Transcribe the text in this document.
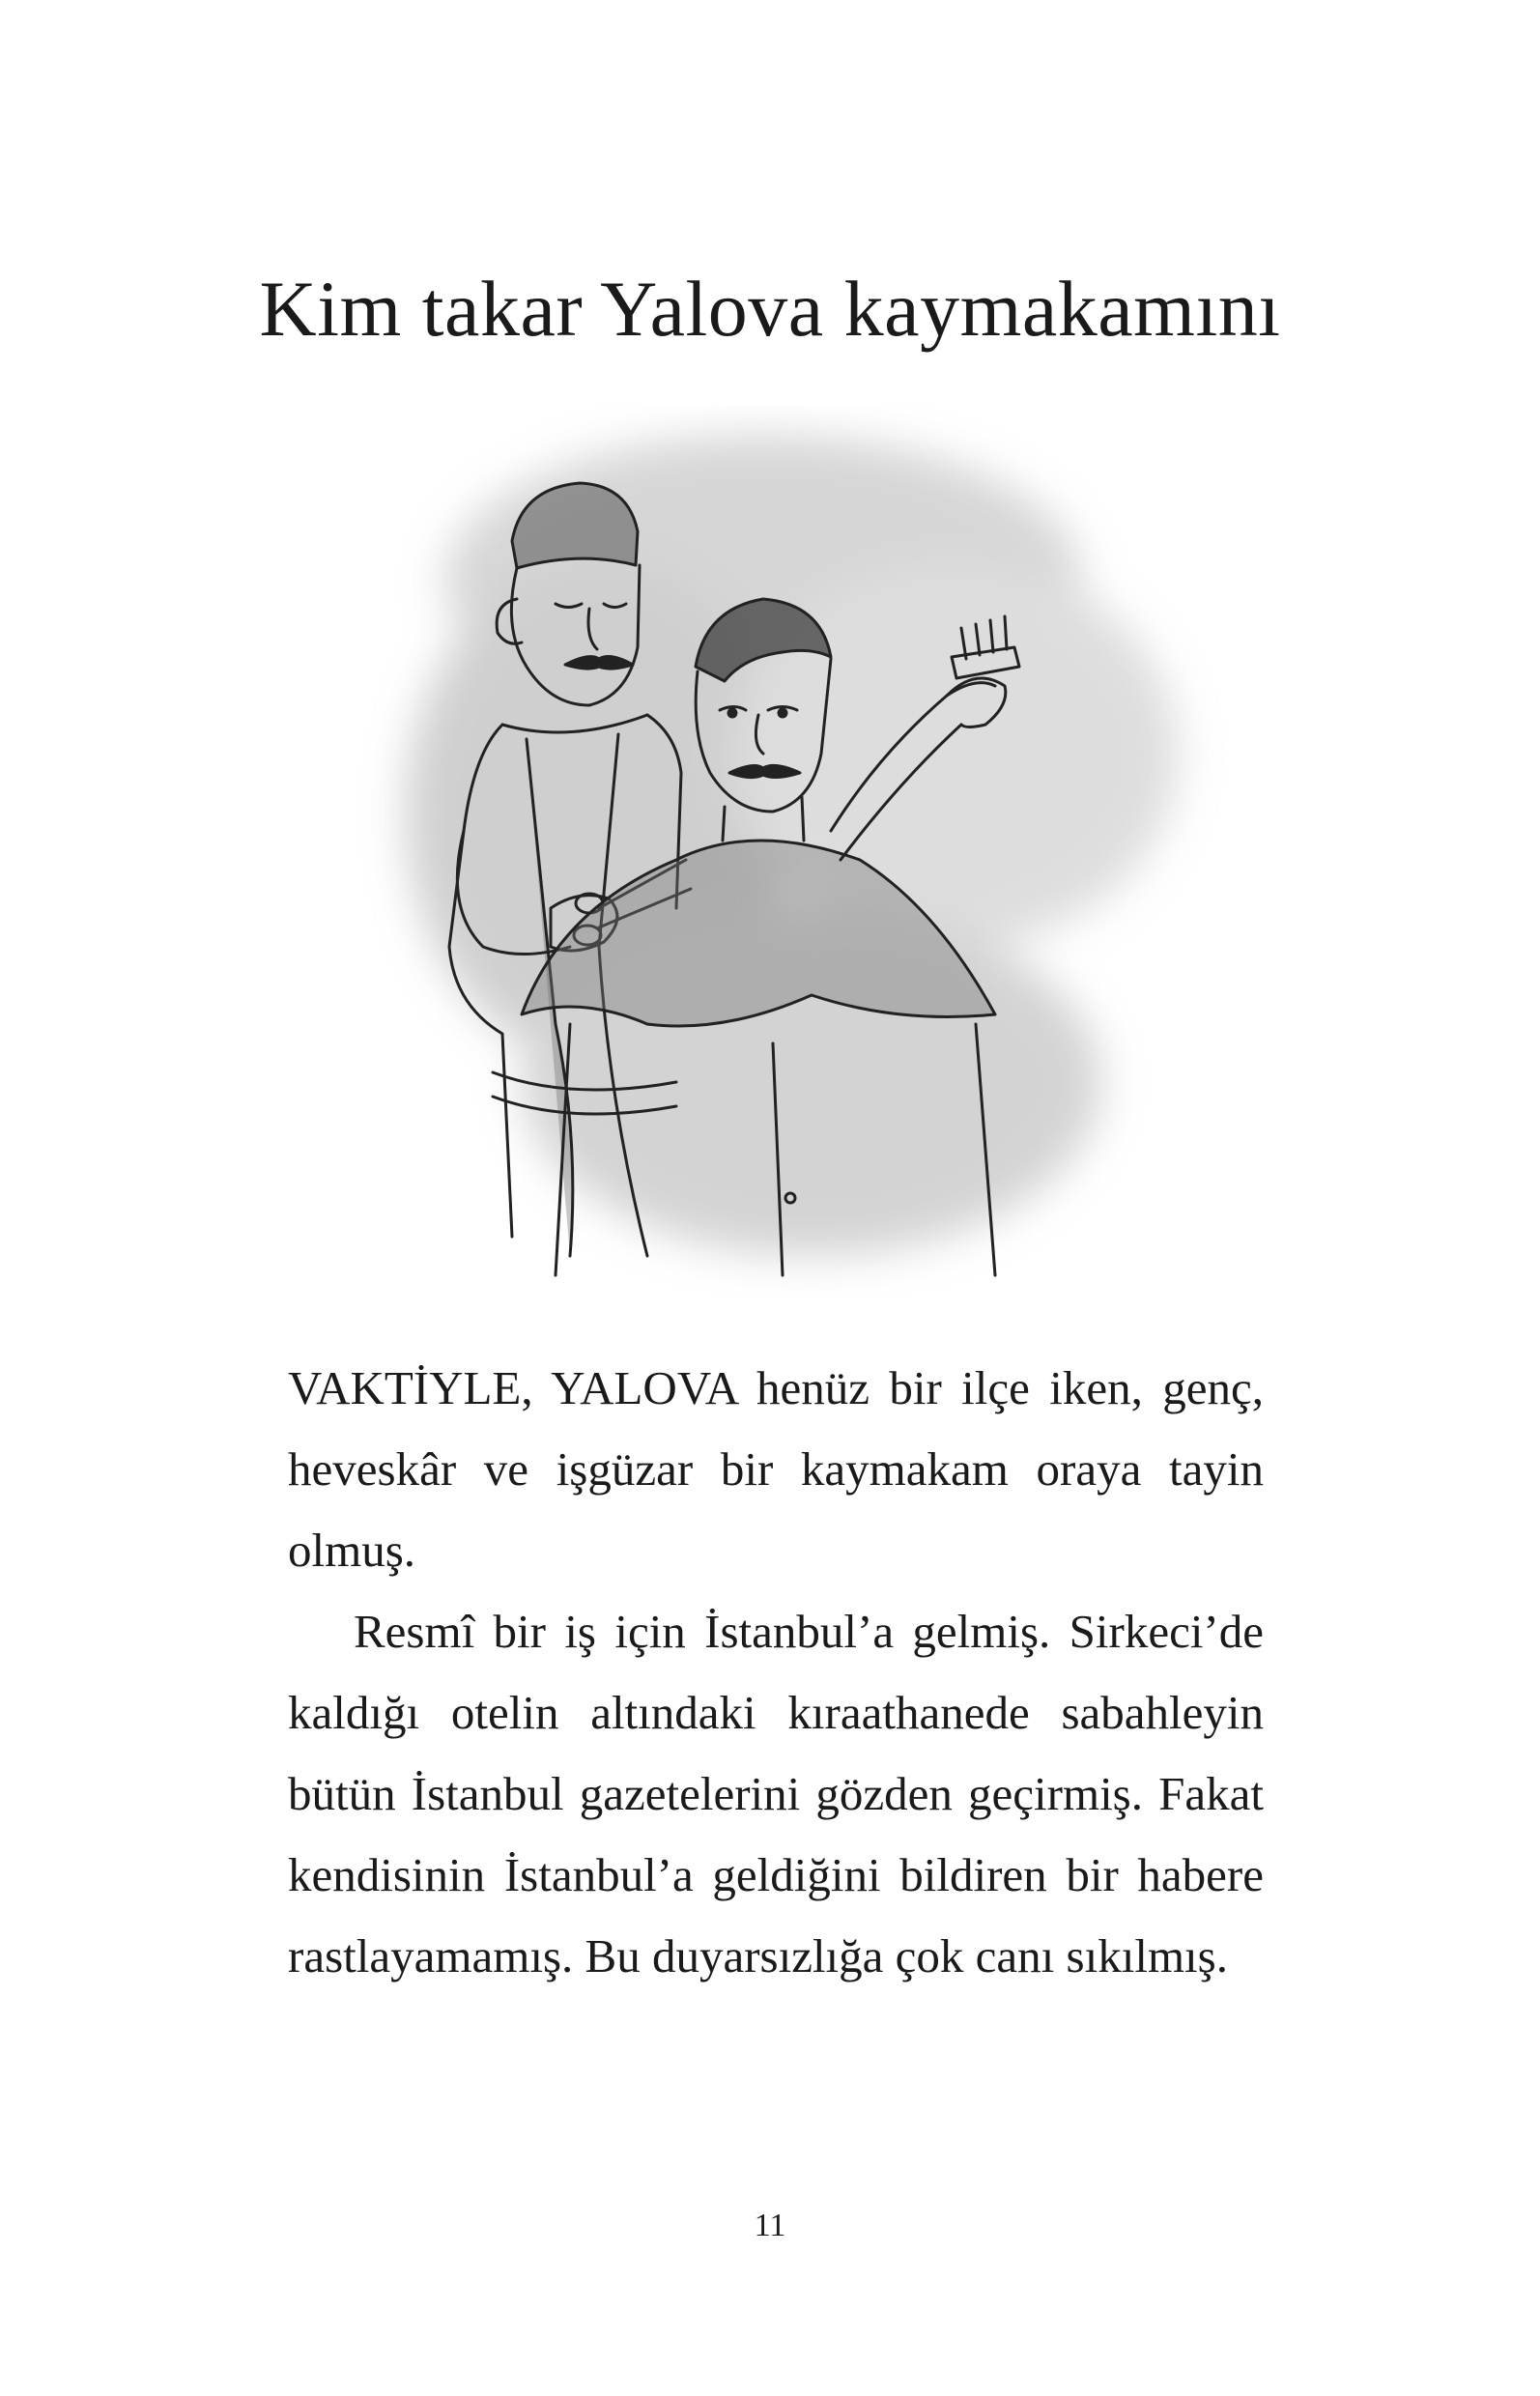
Kim takar Yalova kaymakamını

VAKTİYLE, YALOVA henüz bir ilçe iken, genç, heveskâr ve işgüzar bir kaymakam oraya tayin olmuş.

Resmî bir iş için İstanbul’a gelmiş. Sirkeci’de kaldığı otelin altındaki kıraathanede sabahleyin bütün İstanbul gazetelerini gözden geçirmiş. Fakat kendisinin İstanbul’a geldiğini bildiren bir habere rastlayamamış. Bu duyarsızlığa çok canı sıkılmış.

11
